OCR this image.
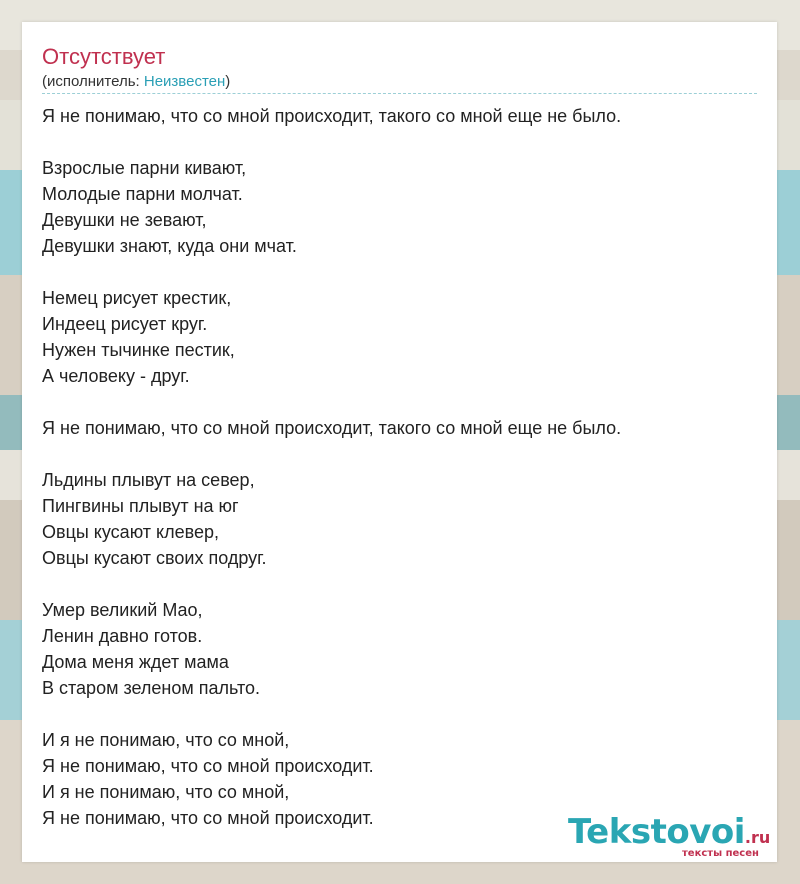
Отсутствует
(исполнитель: Неизвестен)
Я не понимаю, что со мной происходит, такого со мной еще не было.
Взрослые парни кивают,
Молодые парни молчат.
Девушки не зевают,
Девушки знают, куда они мчат.
Немец рисует крестик,
Индеец рисует круг.
Нужен тычинке пестик,
А человеку - друг.
Я не понимаю, что со мной происходит, такого со мной еще не было.
Льдины плывут на север,
Пингвины плывут на юг
Овцы кусают клевер,
Овцы кусают своих подруг.
Умер великий Мао,
Ленин давно готов.
Дома меня ждет мама
В старом зеленом пальто.
И я не понимаю, что со мной,
Я не понимаю, что со мной происходит.
И я не понимаю, что со мной,
Я не понимаю, что со мной происходит.	Tekstovoi.ru
тексты песен
